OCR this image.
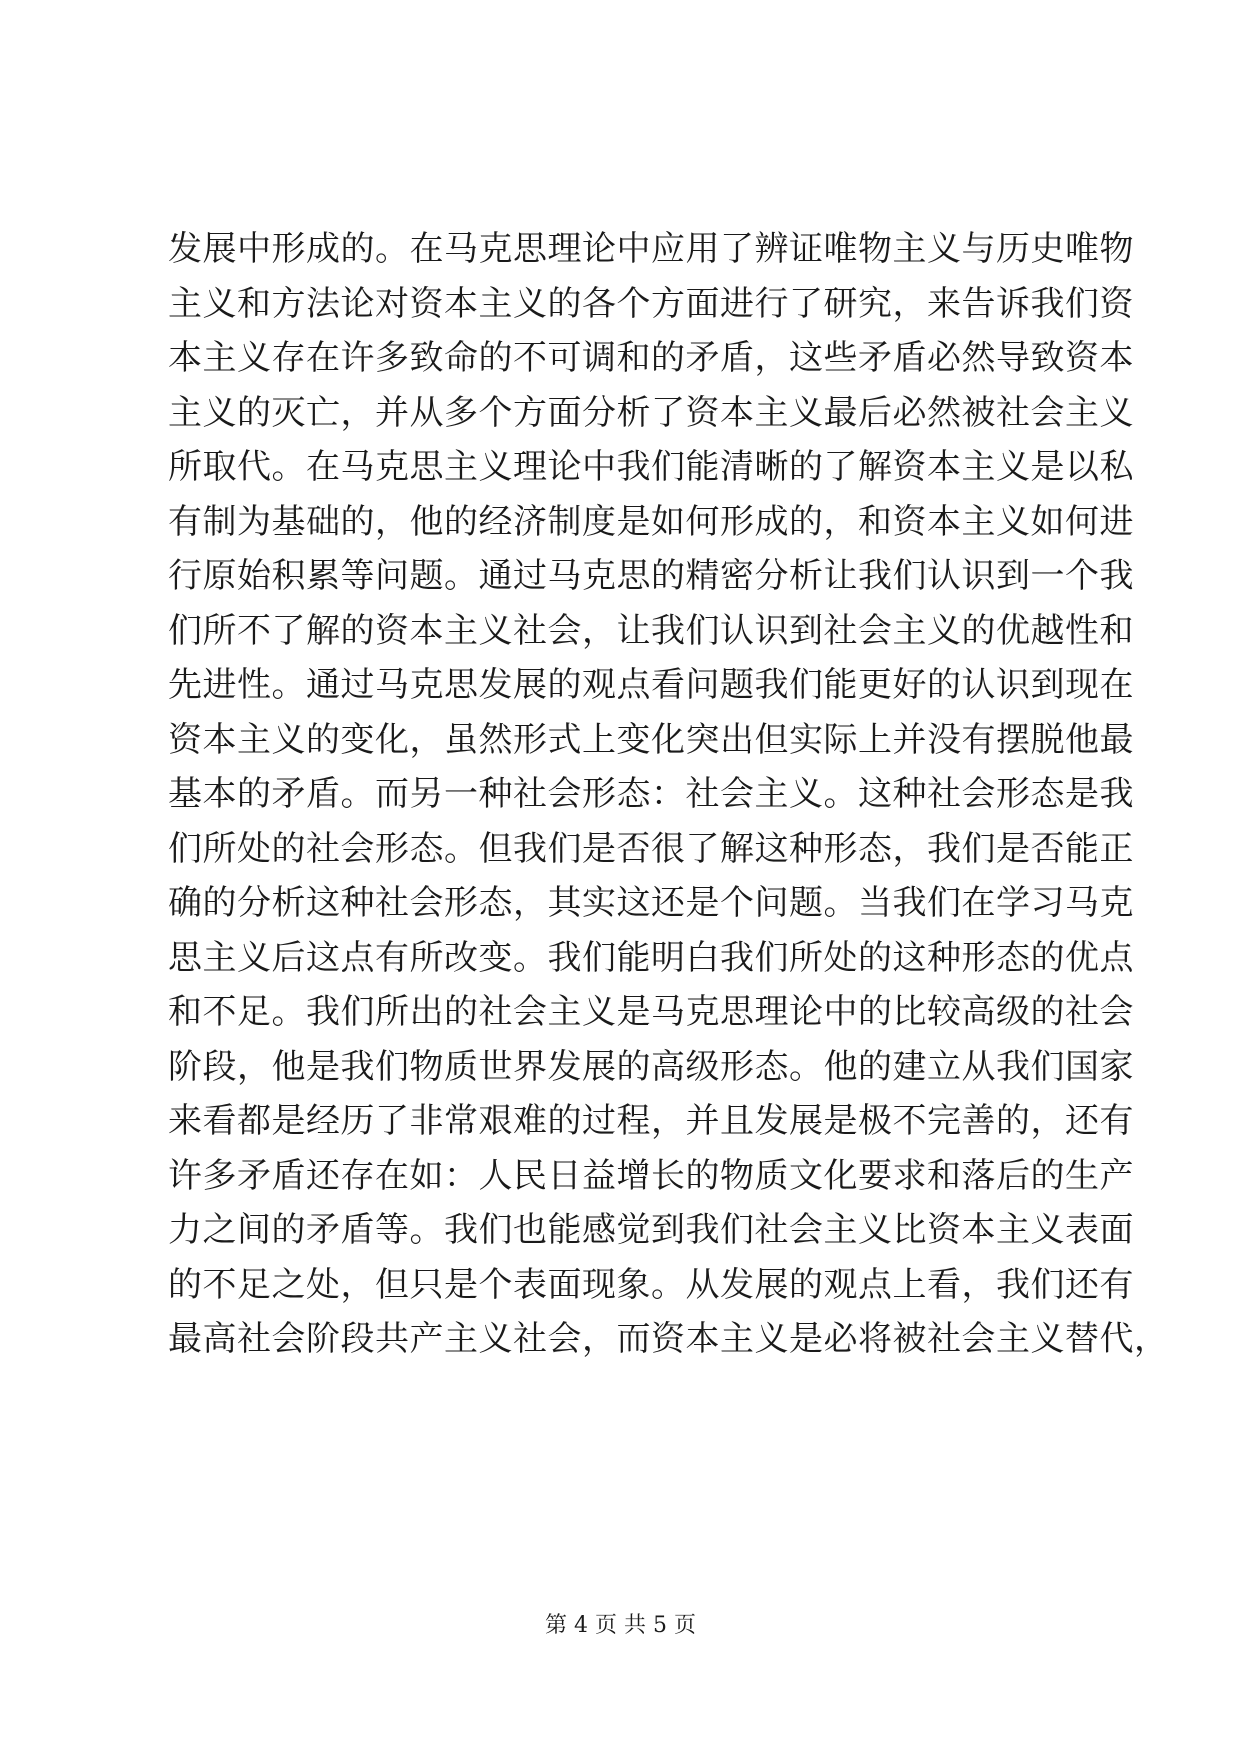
发展中形成的。在马克思理论中应用了辨证唯物主义与历史唯物
主义和方法论对资本主义的各个方面进行了研究，来告诉我们资
本主义存在许多致命的不可调和的矛盾，这些矛盾必然导致资本
主义的灭亡，并从多个方面分析了资本主义最后必然被社会主义
所取代。在马克思主义理论中我们能清晰的了解资本主义是以私
有制为基础的，他的经济制度是如何形成的，和资本主义如何进
行原始积累等问题。通过马克思的精密分析让我们认识到一个我
们所不了解的资本主义社会，让我们认识到社会主义的优越性和
先进性。通过马克思发展的观点看问题我们能更好的认识到现在
资本主义的变化，虽然形式上变化突出但实际上并没有摆脱他最
基本的矛盾。而另一种社会形态：社会主义。这种社会形态是我
们所处的社会形态。但我们是否很了解这种形态，我们是否能正
确的分析这种社会形态，其实这还是个问题。当我们在学习马克
思主义后这点有所改变。我们能明白我们所处的这种形态的优点
和不足。我们所出的社会主义是马克思理论中的比较高级的社会
阶段，他是我们物质世界发展的高级形态。他的建立从我们国家
来看都是经历了非常艰难的过程，并且发展是极不完善的，还有
许多矛盾还存在如：人民日益增长的物质文化要求和落后的生产
力之间的矛盾等。我们也能感觉到我们社会主义比资本主义表面
的不足之处，但只是个表面现象。从发展的观点上看，我们还有
最高社会阶段共产主义社会，而资本主义是必将被社会主义替代，
第 4 页 共 5 页
